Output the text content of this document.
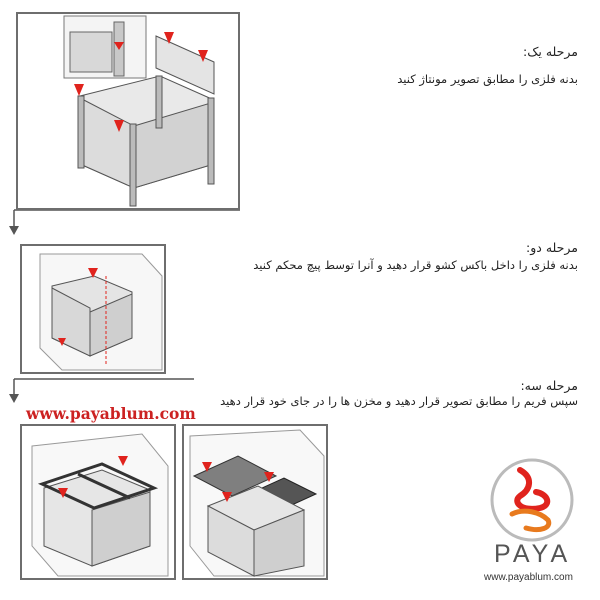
مرحله یک:
بدنه فلزی را مطابق تصویر مونتاژ کنید
مرحله دو:
بدنه فلزی را داخل باکس کشو قرار دهید و آنرا توسط پیچ محکم کنید
مرحله سه:
سپس فریم را مطابق تصویر قرار دهید و مخزن ها را در جای خود قرار دهید
www.payablum.com
PAYA
www.payablum.com
